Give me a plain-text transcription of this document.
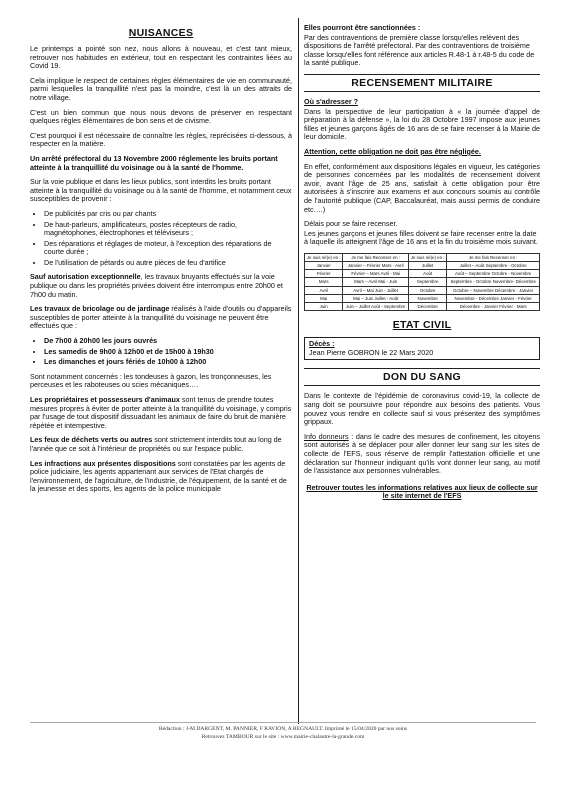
NUISANCES

Le printemps a pointé son nez, nous allons à nouveau, et c'est tant mieux, retrouver nos habitudes en extérieur, tout en respectant les contraintes liées au Covid 19.

Cela implique le respect de certaines règles élémentaires de vie en communauté, parmi lesquelles la tranquillité n'est pas la moindre, c'est là un des attraits de notre village.

C'est un bien commun que nous nous devons de préserver en respectant quelques règles élémentaires de bon sens et de civisme.

C'est pourquoi il est nécessaire de connaître les règles, reprécisées ci-dessous, à respecter en la matière.

Un arrêté préfectoral du 13 Novembre 2000 réglemente les bruits portant atteinte à la tranquillité du voisinage ou à la santé de l'homme.

Sur la voie publique et dans les lieux publics, sont interdits les bruits portant atteinte à la tranquillité du voisinage ou à la santé de l'homme, et notamment ceux susceptibles de provenir :

• De publicités par cris ou par chants
• De haut-parleurs, amplificateurs, postes récepteurs de radio, magnétophones, électrophones et téléviseurs ;
• Des réparations et réglages de moteur, à l'exception des réparations de courte durée ;
• De l'utilisation de pétards ou autre pièces de feu d'artifice

Sauf autorisation exceptionnelle, les travaux bruyants effectués sur la voie publique ou dans les propriétés privées doivent être interrompus entre 20h00 et 7h00 du matin.

Les travaux de bricolage ou de jardinage réalisés à l'aide d'outils ou d'appareils susceptibles de porter atteinte à la tranquillité du voisinage ne peuvent être effectués que :

• De 7h00 à 20h00 les jours ouvrés
• Les samedis de 9h00 à 12h00 et de 15h00 à 19h30
• Les dimanches et jours fériés de 10h00 à 12h00

Sont notamment concernés : les tondeuses à gazon, les tronçonneuses, les perceuses et les raboteuses ou scies mécaniques….

Les propriétaires et possesseurs d'animaux sont tenus de prendre toutes mesures propres à éviter de porter atteinte à la tranquillité du voisinage, y compris par l'usage de tout dispositif dissuadant les animaux de faire du bruit de manière répétée et intempestive.

Les feux de déchets verts ou autres sont strictement interdits tout au long de l'année que ce soit à l'intérieur de propriétés ou sur l'espace public.

Les infractions aux présentes dispositions sont constatées par les agents de police judiciaire, les agents appartenant aux services de l'Etat chargés de l'environnement, de l'agriculture, de l'industrie, de l'équipement, de la santé et de la jeunesse et des sports, les agents de la police municipale

Elles pourront être sanctionnées :

Par des contraventions de première classe lorsqu'elles relèvent des dispositions de l'arrêté préfectoral. Par des contraventions de troisième classe lorsqu'elles font référence aux articles R.48-1 à r.48-5 du code de la santé publique.

RECENSEMENT MILITAIRE

Où s'adresser ?

Dans la perspective de leur participation à « la journée d'appel de préparation à la défense », la loi du 28 Octobre 1997 impose aux jeunes filles et jeunes garçons âgés de 16 ans de se faire recenser à la Mairie de leur domicile.

Attention, cette obligation ne doit pas être négligée.

En effet, conformément aux dispositions légales en vigueur, les catégories de personnes concernées par les modalités de recensement doivent avoir, avant l'âge de 25 ans, satisfait à cette obligation pour être autorisées à s'inscrire aux examens et aux concours soumis au contrôle de l'autorité publique (CAP, Baccalauréat, mais aussi permis de conduire etc….)

Délais pour se faire recenser.

Les jeunes garçons et jeunes filles doivent se faire recenser entre la date à laquelle ils atteignent l'âge de 16 ans et la fin du troisième mois suivant.

Je suis né(e) en :	Je me fais Recenser en :	Je suis né(e) en :	Je me fais Recenser en :
Janvier	Janvier – Février Mars - Avril	Juillet	Juillet – Août Septembre - Octobre
Février	Février – Mars Avril - Mai	Août	Août – Septembre Octobre - Novembre
Mars	Mars – Avril Mai - Juin	Septembre	Septembre - Octobre Novembre- Décembre
Avril	Avril – Mai Juin - Juillet	Octobre	Octobre – Novembre Décembre - Janvier
Mai	Mai – Juin Juillet - Août	Novembre	Novembre - Décembre Janvier - Février
Juin	Juin – Juillet Août - Septembre	Décembre	Décembre - Janvier Février - Mars
ETAT CIVIL
Décès :
Jean Pierre GOBRON le 22 Mars 2020
DON DU SANG

Dans le contexte de l'épidémie de coronavirus covid-19, la collecte de sang doit se poursuivre pour répondre aux besoins des patients. Vous pouvez vous rendre en collecte sauf si vous présentez des symptômes grippaux.

Info donneurs : dans le cadre des mesures de confinement, les citoyens sont autorisés à se déplacer pour aller donner leur sang sur les sites de collecte de l'EFS, sous réserve de remplir l'attestation officielle et une déclaration sur l'honneur indiquant qu'ils vont donner leur sang, au motif de l'assistance aux personnes vulnérables.

Retrouver toutes les informations relatives aux lieux de collecte sur le site internet de l'EFS

Rédaction : J-M DARGENT, M. PANNIER, F RAVION, A REGNAULT. Imprimé le 15/04/2020 par nos soins
Retrouvez TAMBOUR sur le site : www.mairie-chalautre-la-grande.com
